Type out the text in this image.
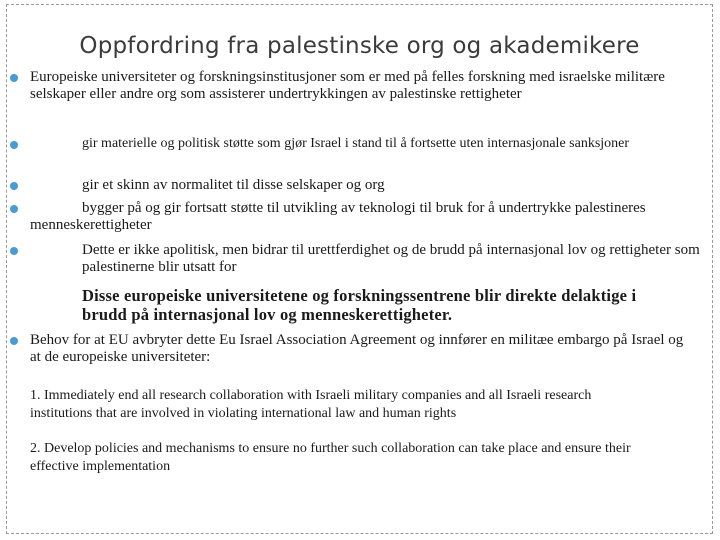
Oppfordring fra palestinske org og akademikere

Europeiske universiteter og forskningsinstitusjoner som er med på felles forskning med israelske militære selskaper eller andre org som assisterer undertrykkingen av palestinske rettigheter

gir materielle og politisk støtte som gjør Israel i stand til å fortsette uten internasjonale sanksjoner

gir et skinn av normalitet til disse selskaper og org

bygger på og gir fortsatt støtte til utvikling av teknologi til bruk for å undertrykke palestineres menneskerettigheter

Dette er ikke apolitisk, men bidrar til urettferdighet og de brudd på internasjonal lov og rettigheter som palestinerne blir utsatt for

Disse europeiske universitetene og forskningssentrene blir direkte delaktige i brudd på internasjonal lov og menneskerettigheter.

Behov for at EU avbryter dette Eu Israel Association Agreement og innfører en militæe embargo på Israel og at de europeiske universiteter:

1. Immediately end all research collaboration with Israeli military companies and all Israeli research institutions that are involved in violating international law and human rights

2. Develop policies and mechanisms to ensure no further such collaboration can take place and ensure their effective implementation
